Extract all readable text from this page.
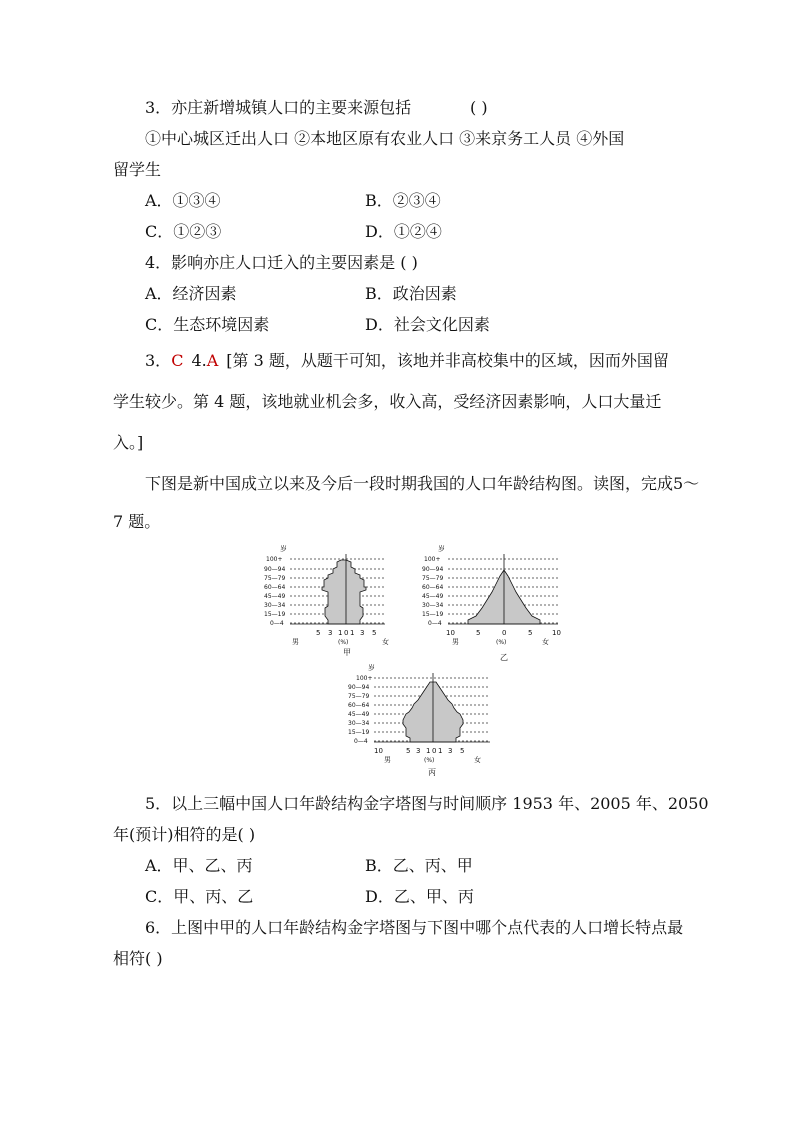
3．亦庄新增城镇人口的主要来源包括	( )
①中心城区迁出人口 ②本地区原有农业人口 ③来京务工人员 ④外国
留学生
A．①③④	B．②③④
C．①②③	D．①②④
4．影响亦庄人口迁入的主要因素是 ( )
A．经济因素	B．政治因素
C．生态环境因素	D．社会文化因素
3．C 4.A [第 3 题，从题干可知，该地并非高校集中的区域，因而外国留
学生较少。第 4 题，该地就业机会多，收入高，受经济因素影响，人口大量迁
入。]
下图是新中国成立以来及今后一段时期我国的人口年龄结构图。读图，完成5～
7 题。
岁
100+
90—94
75—79
60—64
45—49
30—34
15—19
0—4
5 3 1 0 1 3 5
男	(%)	女
甲
岁
100+
90—94
75—79
60—64
45—49
30—34
15—19
0—4
10	5	0	5	10
男	(%)	女
乙
岁
100+
90—94
75—79
60—64
45—49
30—34
15—19
0—4
10	5 3 1 0 1 3 5
男	(%)	女
丙
5．以上三幅中国人口年龄结构金字塔图与时间顺序 1953 年、2005 年、2050
年(预计)相符的是( )
A．甲、乙、丙	B．乙、丙、甲
C．甲、丙、乙	D．乙、甲、丙
6．上图中甲的人口年龄结构金字塔图与下图中哪个点代表的人口增长特点最
相符( )
